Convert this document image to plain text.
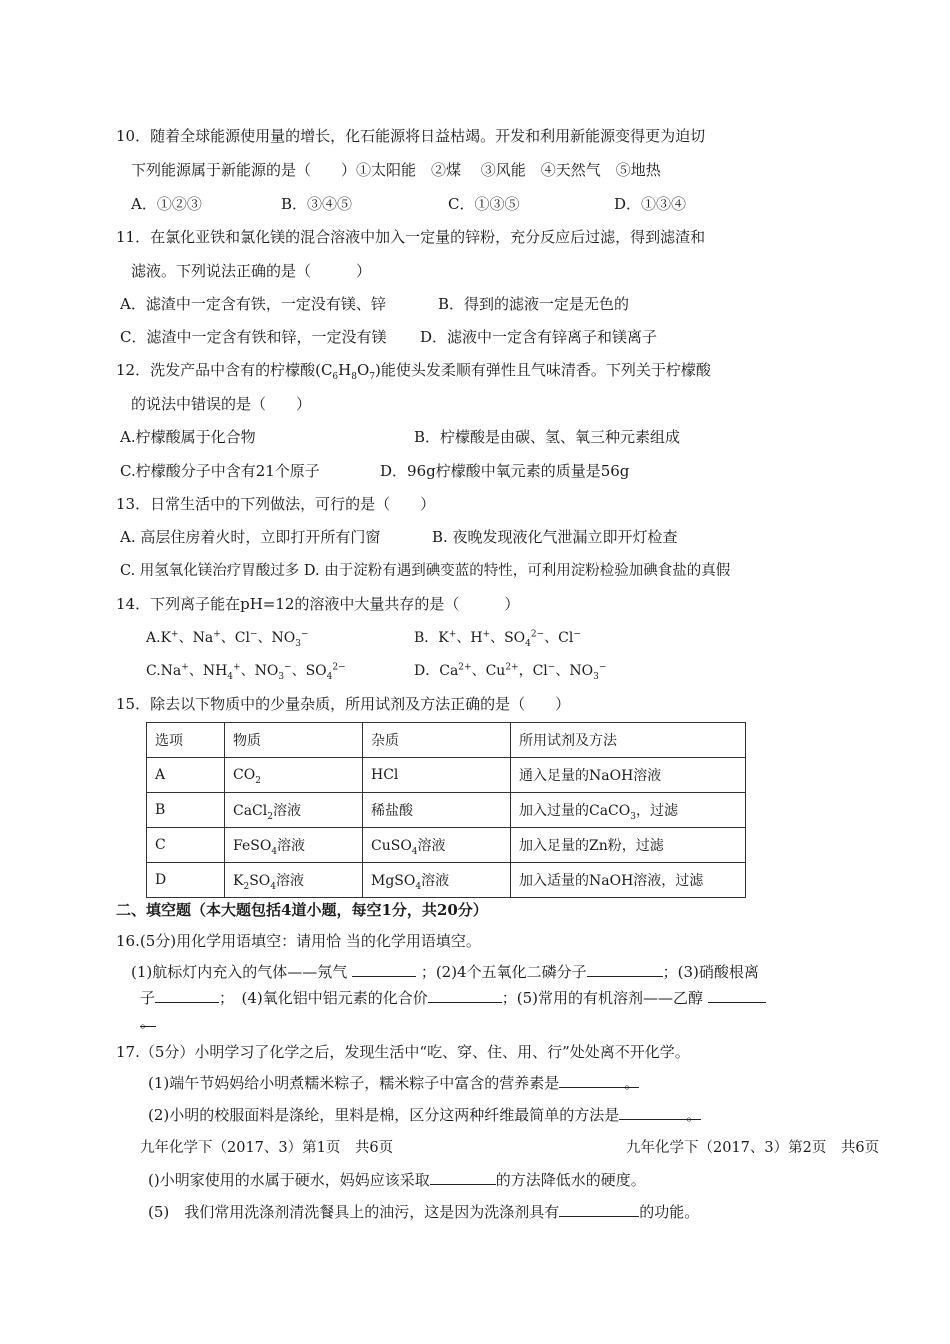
10．随着全球能源使用量的增长，化石能源将日益枯竭。开发和利用新能源变得更为迫切
下列能源属于新能源的是（　　）①太阳能　②煤　 ③风能　④天然气　⑤地热
A．①②③	B．③④⑤	C．①③⑤	D．①③④
11．在氯化亚铁和氯化镁的混合溶液中加入一定量的锌粉，充分反应后过滤，得到滤渣和
滤液。下列说法正确的是（　　　）
A．滤渣中一定含有铁，一定没有镁、锌	B．得到的滤液一定是无色的
C．滤渣中一定含有铁和锌，一定没有镁 D．滤液中一定含有锌离子和镁离子
12．洗发产品中含有的柠檬酸$(C_6H_8O_7)$能使头发柔顺有弹性且气味清香。下列关于柠檬酸
的说法中错误的是（　　）
A.柠檬酸属于化合物	B．柠檬酸是由碳、氢、氧三种元素组成
C.柠檬酸分子中含有21个原子	D．96g柠檬酸中氧元素的质量是56g
13．日常生活中的下列做法，可行的是（　　）
A. 高层住房着火时，立即打开所有门窗	B. 夜晚发现液化气泄漏立即开灯检查
C. 用氢氧化镁治疗胃酸过多 D. 由于淀粉有遇到碘变蓝的特性，可利用淀粉检验加碘食盐的真假
14．下列离子能在pH=12的溶液中大量共存的是（　　　）
A.K+、Na+、Cl−、$NO_3^-$	B．K+、H+、$SO_4^{2-}$、Cl−
C.Na+、$NH_4^+$、$NO_3^-$、$SO_4^{2-}$	D．$Ca^{2+}$、$Cu^{2+}$，Cl−、$NO_3^-$
15．除去以下物质中的少量杂质，所用试剂及方法正确的是（　　）
选项	物质	杂质	所用试剂及方法
A	$CO_2$	HCl	通入足量的NaOH溶液
B	CaCl$_2$溶液	稀盐酸	加入过量的CaCO$_3$，过滤
C	FeSO$_4$溶液	CuSO$_4$溶液	加入足量的Zn粉，过滤
D	$K_2SO_4$溶液	MgSO$_4$溶液	加入适量的NaOH溶液，过滤
二、填空题（本大题包括4道小题，每空1分，共20分）
16.(5分)用化学用语填空：请用恰 当的化学用语填空。
(1)航标灯内充入的气体——氖气	；(2)4个五氧化二磷分子	；(3)硝酸根离
子	；　(4)氧化铝中铝元素的化合价	；(5)常用的有机溶剂——乙醇
。
17.（5分）小明学习了化学之后，发现生活中“吃、穿、住、用、行”处处离不开化学。
(1)端午节妈妈给小明煮糯米粽子，糯米粽子中富含的营养素是	。
(2)小明的校服面料是涤纶，里料是棉，区分这两种纤维最简单的方法是	。
九年化学下（2017、3）第1页　共6页	九年化学下（2017、3）第2页　共6页
()小明家使用的水属于硬水，妈妈应该采取	的方法降低水的硬度。
(5)　我们常用洗涤剂清洗餐具上的油污，这是因为洗涤剂具有	的功能。
